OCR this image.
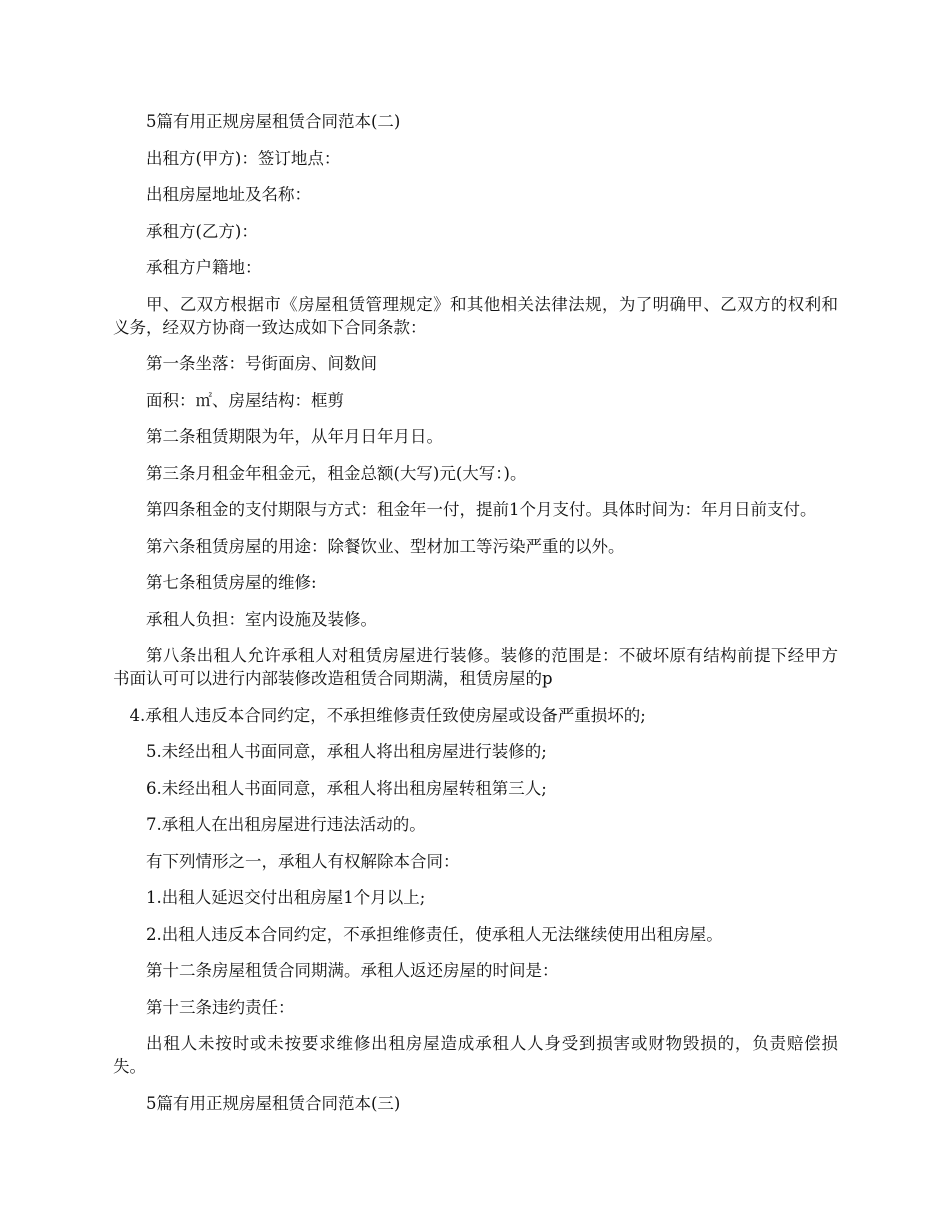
5篇有用正规房屋租赁合同范本(二)

出租方(甲方)：签订地点：

出租房屋地址及名称：

承租方(乙方)：

承租方户籍地：

甲、乙双方根据市《房屋租赁管理规定》和其他相关法律法规，为了明确甲、乙双方的权利和义务，经双方协商一致达成如下合同条款：

第一条坐落：号街面房、间数间

面积：㎡、房屋结构：框剪

第二条租赁期限为年，从年月日年月日。

第三条月租金年租金元，租金总额(大写)元(大写：)。

第四条租金的支付期限与方式：租金年一付，提前1个月支付。具体时间为：年月日前支付。

第六条租赁房屋的用途：除餐饮业、型材加工等污染严重的以外。

第七条租赁房屋的维修:

承租人负担：室内设施及装修。

第八条出租人允许承租人对租赁房屋进行装修。装修的范围是：不破坏原有结构前提下经甲方书面认可可以进行内部装修改造租赁合同期满，租赁房屋的p

4.承租人违反本合同约定，不承担维修责任致使房屋或设备严重损坏的;

5.未经出租人书面同意，承租人将出租房屋进行装修的;

6.未经出租人书面同意，承租人将出租房屋转租第三人;

7.承租人在出租房屋进行违法活动的。

有下列情形之一，承租人有权解除本合同：

1.出租人延迟交付出租房屋1个月以上;

2.出租人违反本合同约定，不承担维修责任，使承租人无法继续使用出租房屋。

第十二条房屋租赁合同期满。承租人返还房屋的时间是：

第十三条违约责任：

出租人未按时或未按要求维修出租房屋造成承租人人身受到损害或财物毁损的，负责赔偿损失。

5篇有用正规房屋租赁合同范本(三)
